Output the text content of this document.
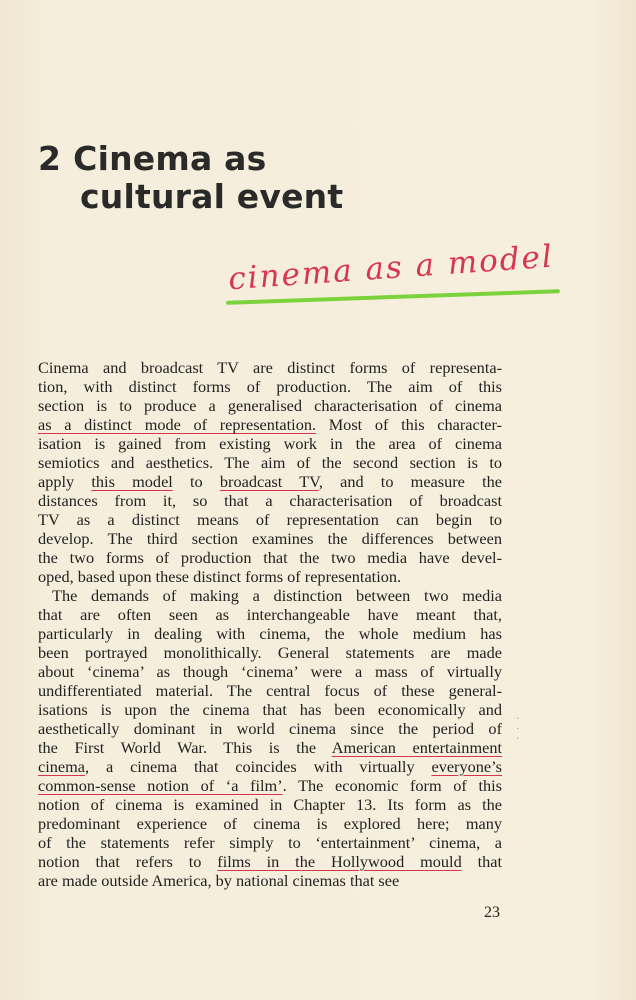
2 Cinema as
cultural event
cinema as a model
Cinema and broadcast TV are distinct forms of representa-
tion, with distinct forms of production. The aim of this
section is to produce a generalised characterisation of cinema
as a distinct mode of representation. Most of this character-
isation is gained from existing work in the area of cinema
semiotics and aesthetics. The aim of the second section is to
apply this model to broadcast TV, and to measure the
distances from it, so that a characterisation of broadcast
TV as a distinct means of representation can begin to
develop. The third section examines the differences between
the two forms of production that the two media have devel-
oped, based upon these distinct forms of representation.
The demands of making a distinction between two media
that are often seen as interchangeable have meant that,
particularly in dealing with cinema, the whole medium has
been portrayed monolithically. General statements are made
about ‘cinema’ as though ‘cinema’ were a mass of virtually
undifferentiated material. The central focus of these general-
isations is upon the cinema that has been economically and
aesthetically dominant in world cinema since the period of
the First World War. This is the American entertainment
cinema, a cinema that coincides with virtually everyone’s
common-sense notion of ‘a film’. The economic form of this
notion of cinema is examined in Chapter 13. Its form as the
predominant experience of cinema is explored here; many
of the statements refer simply to ‘entertainment’ cinema, a
notion that refers to films in the Hollywood mould that
are made outside America, by national cinemas that see
·
·
·
23
